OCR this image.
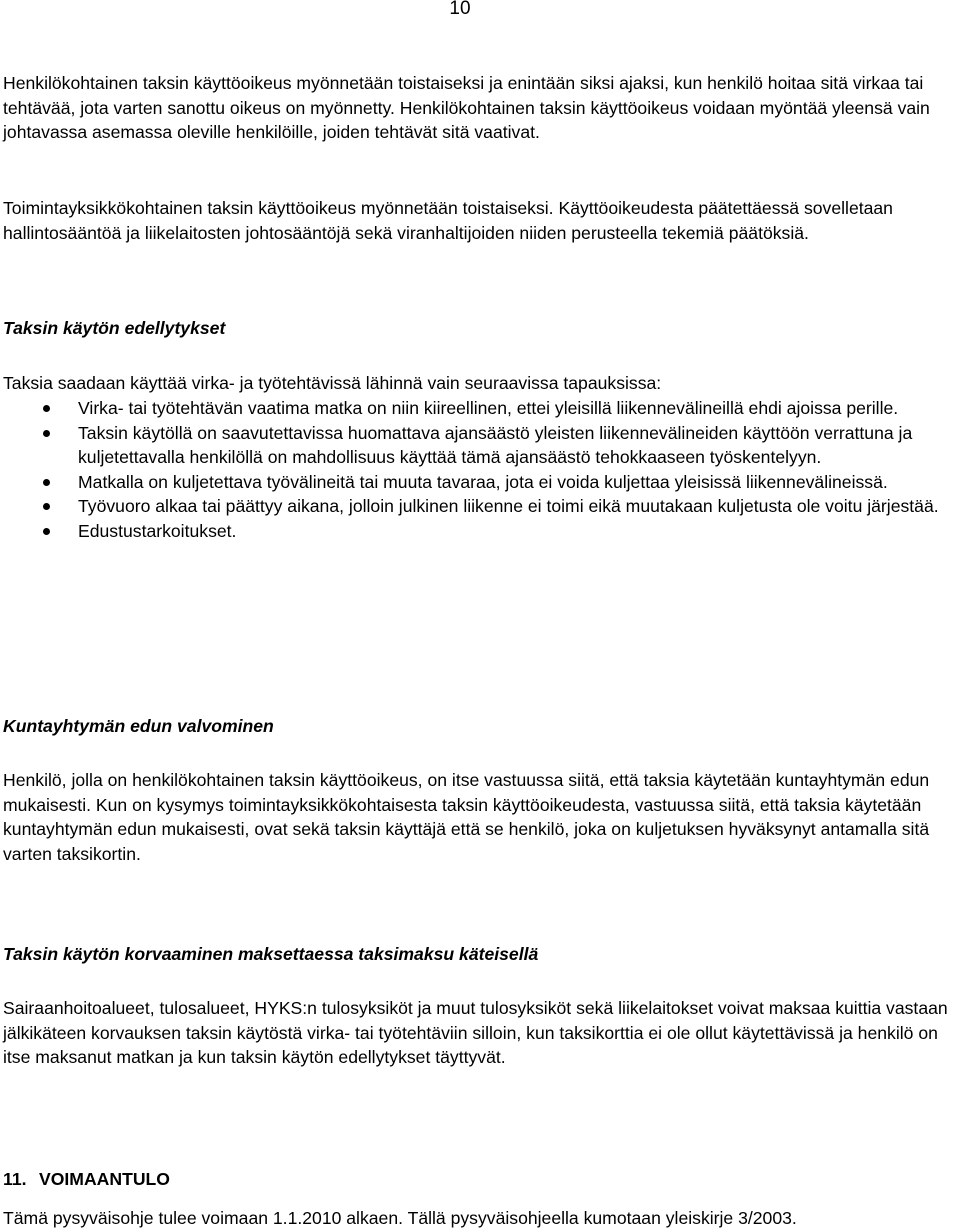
10

Henkilökohtainen taksin käyttöoikeus myönnetään toistaiseksi ja enintään siksi ajaksi, kun henkilö hoitaa sitä virkaa tai tehtävää, jota varten sanottu oikeus on myönnetty. Henkilökohtainen taksin käyttöoikeus voidaan myöntää yleensä vain johtavassa asemassa oleville henkilöille, joiden tehtävät sitä vaativat.

Toimintayksikkökohtainen taksin käyttöoikeus myönnetään toistaiseksi. Käyttöoikeudesta päätettäessä sovelletaan hallintosääntöä ja liikelaitosten johtosääntöjä sekä viranhaltijoiden niiden perusteella tekemiä päätöksiä.

Taksin käytön edellytykset

Taksia saadaan käyttää virka- ja työtehtävissä lähinnä vain seuraavissa tapauksissa:

Virka- tai työtehtävän vaatima matka on niin kiireellinen, ettei yleisillä liikennevälineillä ehdi ajoissa perille.
Taksin käytöllä on saavutettavissa huomattava ajansäästö yleisten liikennevälineiden käyttöön verrattuna ja kuljetettavalla henkilöllä on mahdollisuus käyttää tämä ajansäästö tehokkaaseen työskentelyyn.
Matkalla on kuljetettava työvälineitä tai muuta tavaraa, jota ei voida kuljettaa yleisissä liikennevälineissä.
Työvuoro alkaa tai päättyy aikana, jolloin julkinen liikenne ei toimi eikä muutakaan kuljetusta ole voitu järjestää.
Edustustarkoitukset.
Kuntayhtymän edun valvominen

Henkilö, jolla on henkilökohtainen taksin käyttöoikeus, on itse vastuussa siitä, että taksia käytetään kuntayhtymän edun mukaisesti. Kun on kysymys toimintayksikkökohtaisesta taksin käyttöoikeudesta, vastuussa siitä, että taksia käytetään kuntayhtymän edun mukaisesti, ovat sekä taksin käyttäjä että se henkilö, joka on kuljetuksen hyväksynyt antamalla sitä varten taksikortin.

Taksin käytön korvaaminen maksettaessa taksimaksu käteisellä

Sairaanhoitoalueet, tulosalueet, HYKS:n tulosyksiköt ja muut tulosyksiköt sekä liikelaitokset voivat maksaa kuittia vastaan jälkikäteen korvauksen taksin käytöstä virka- tai työtehtäviin silloin, kun taksikorttia ei ole ollut käytettävissä ja henkilö on itse maksanut matkan ja kun taksin käytön edellytykset täyttyvät.

11. VOIMAANTULO

Tämä pysyväisohje tulee voimaan 1.1.2010 alkaen. Tällä pysyväisohjeella kumotaan yleiskirje 3/2003.
